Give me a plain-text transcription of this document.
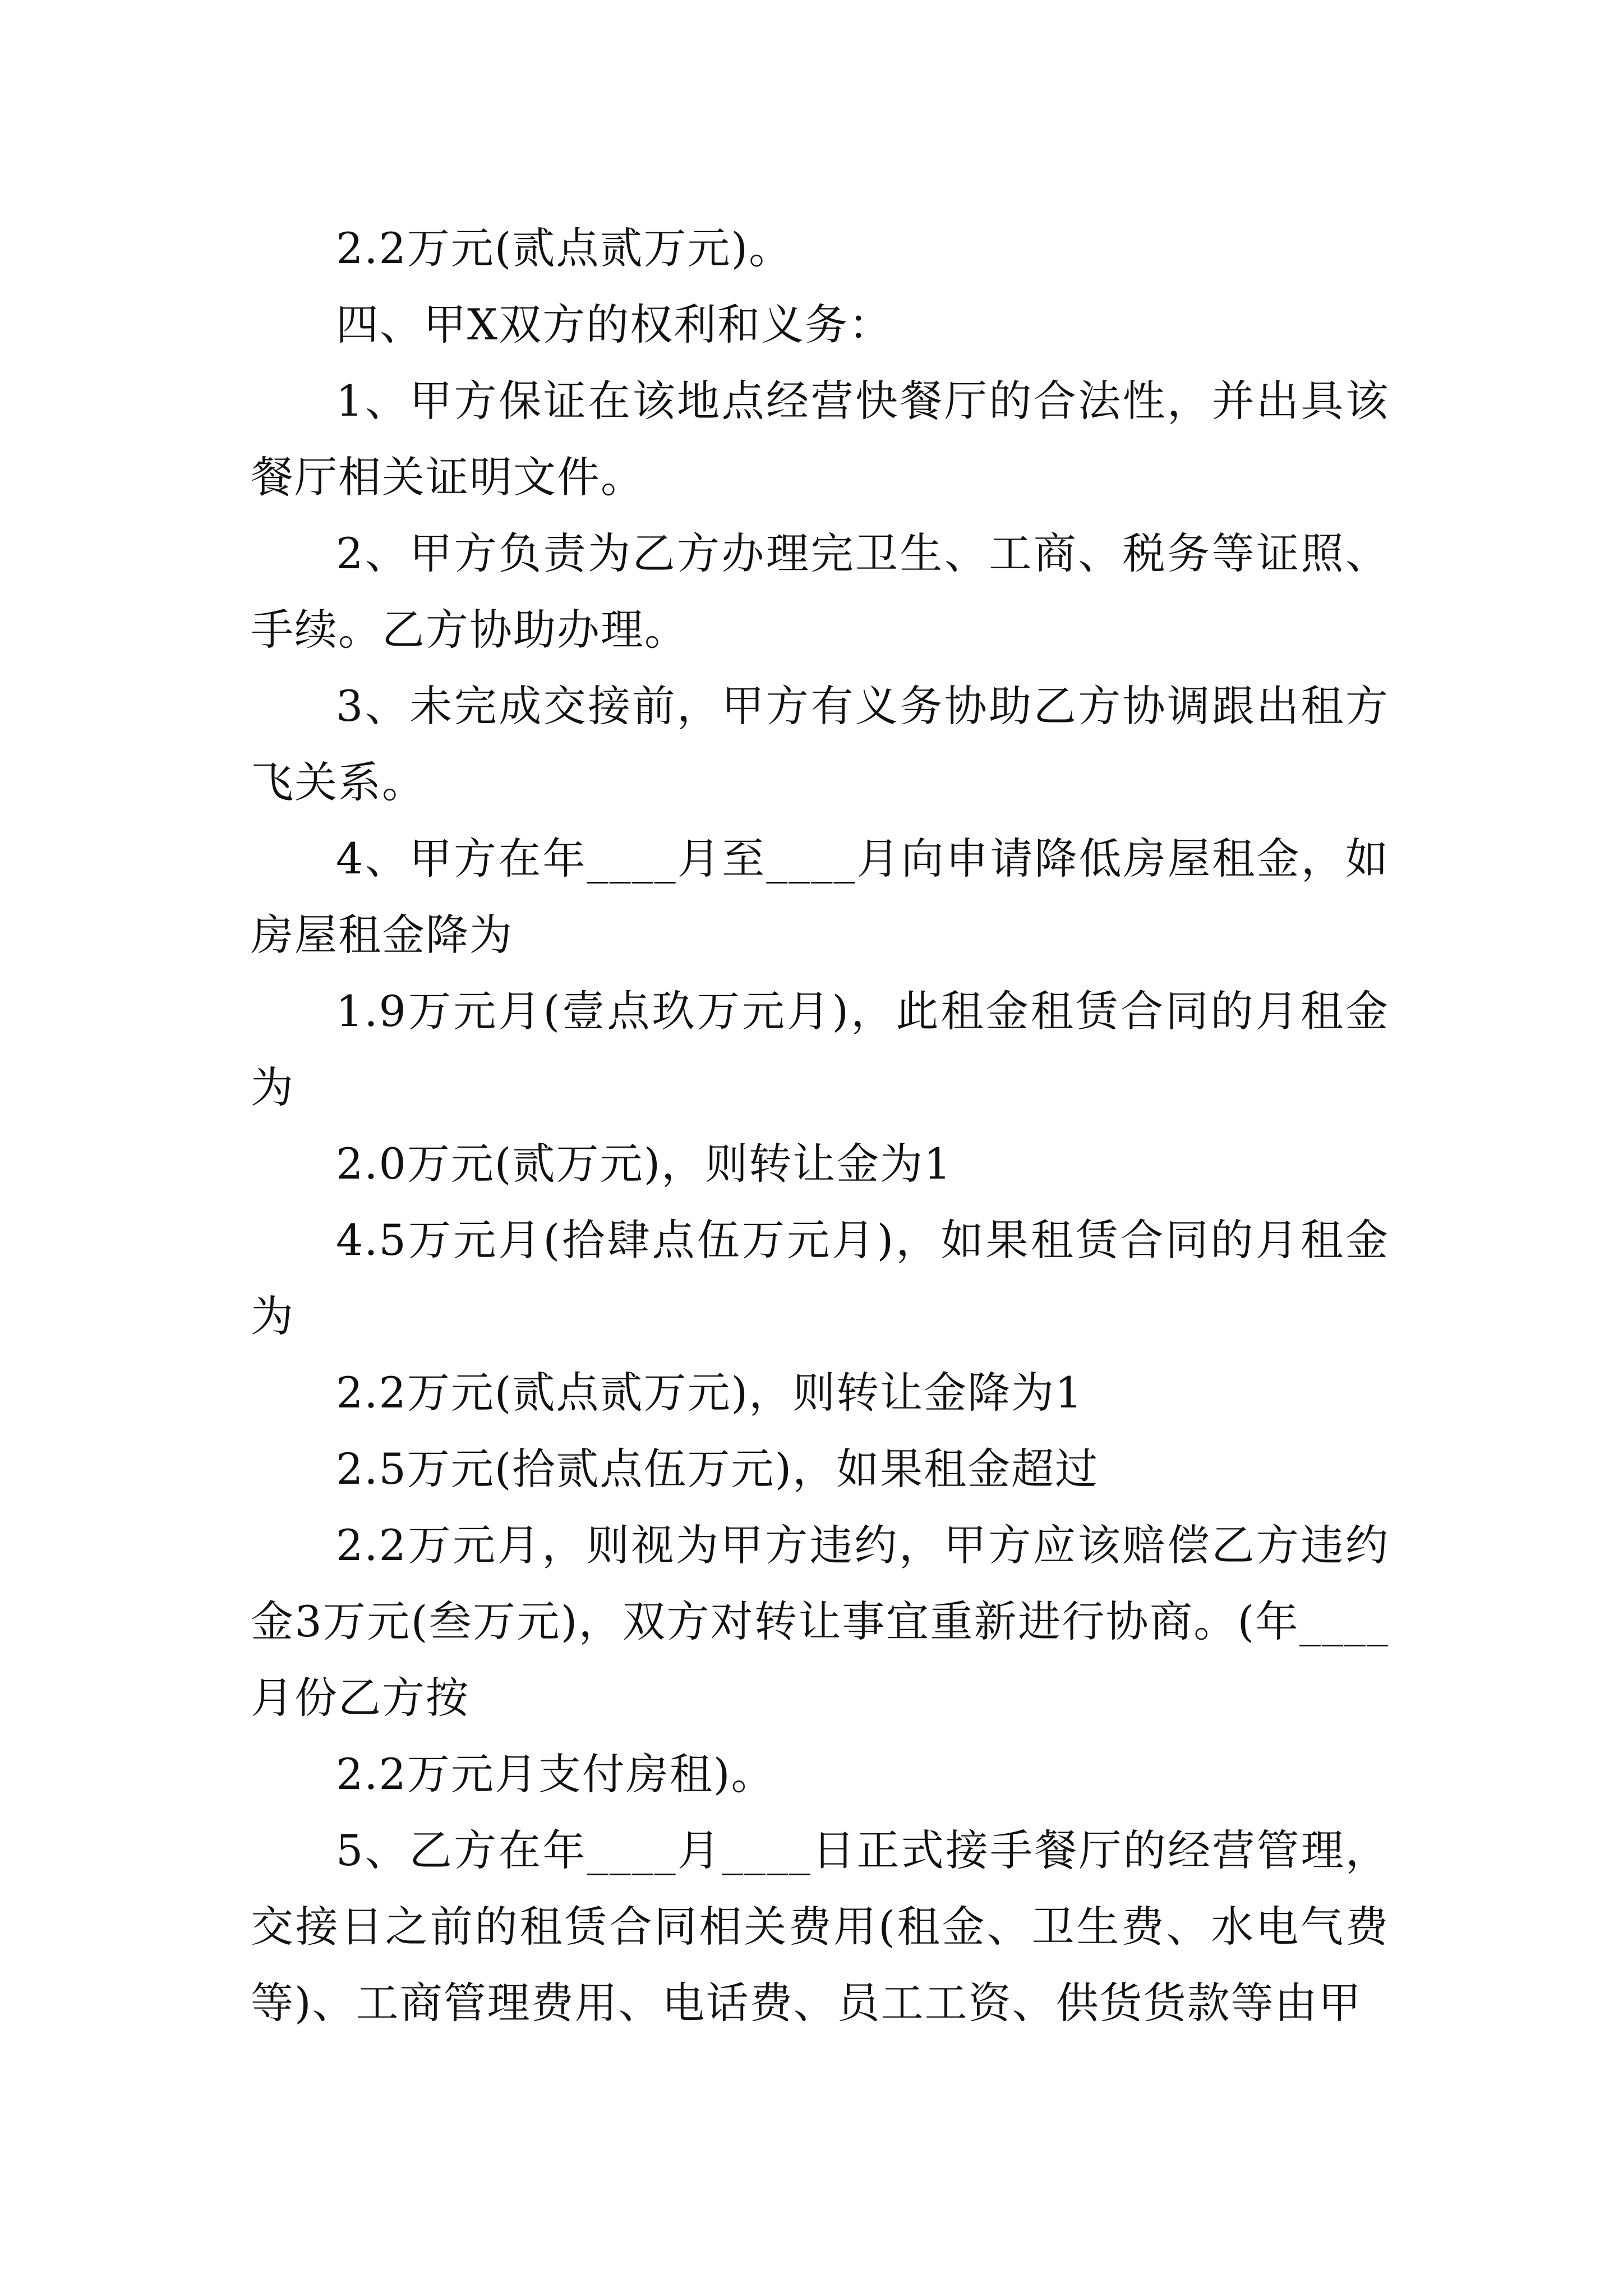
2.2万元(贰点贰万元)。

四、甲X双方的权利和义务：

1、甲方保证在该地点经营快餐厅的合法性，并出具该餐厅相关证明文件。

2、甲方负责为乙方办理完卫生、工商、税务等证照、手续。乙方协助办理。

3、未完成交接前，甲方有义务协助乙方协调跟出租方飞关系。

4、甲方在年____月至____月向申请降低房屋租金，如房屋租金降为

1.9万元月(壹点玖万元月)，此租金租赁合同的月租金为

2.0万元(贰万元)，则转让金为1

4.5万元月(拾肆点伍万元月)，如果租赁合同的月租金为

2.2万元(贰点贰万元)，则转让金降为1

2.5万元(拾贰点伍万元)，如果租金超过

2.2万元月，则视为甲方违约，甲方应该赔偿乙方违约金3万元(叁万元)，双方对转让事宜重新进行协商。(年____月份乙方按

2.2万元月支付房租)。

5、乙方在年____月____日正式接手餐厅的经营管理，交接日之前的租赁合同相关费用(租金、卫生费、水电气费等)、工商管理费用、电话费、员工工资、供货货款等由甲
